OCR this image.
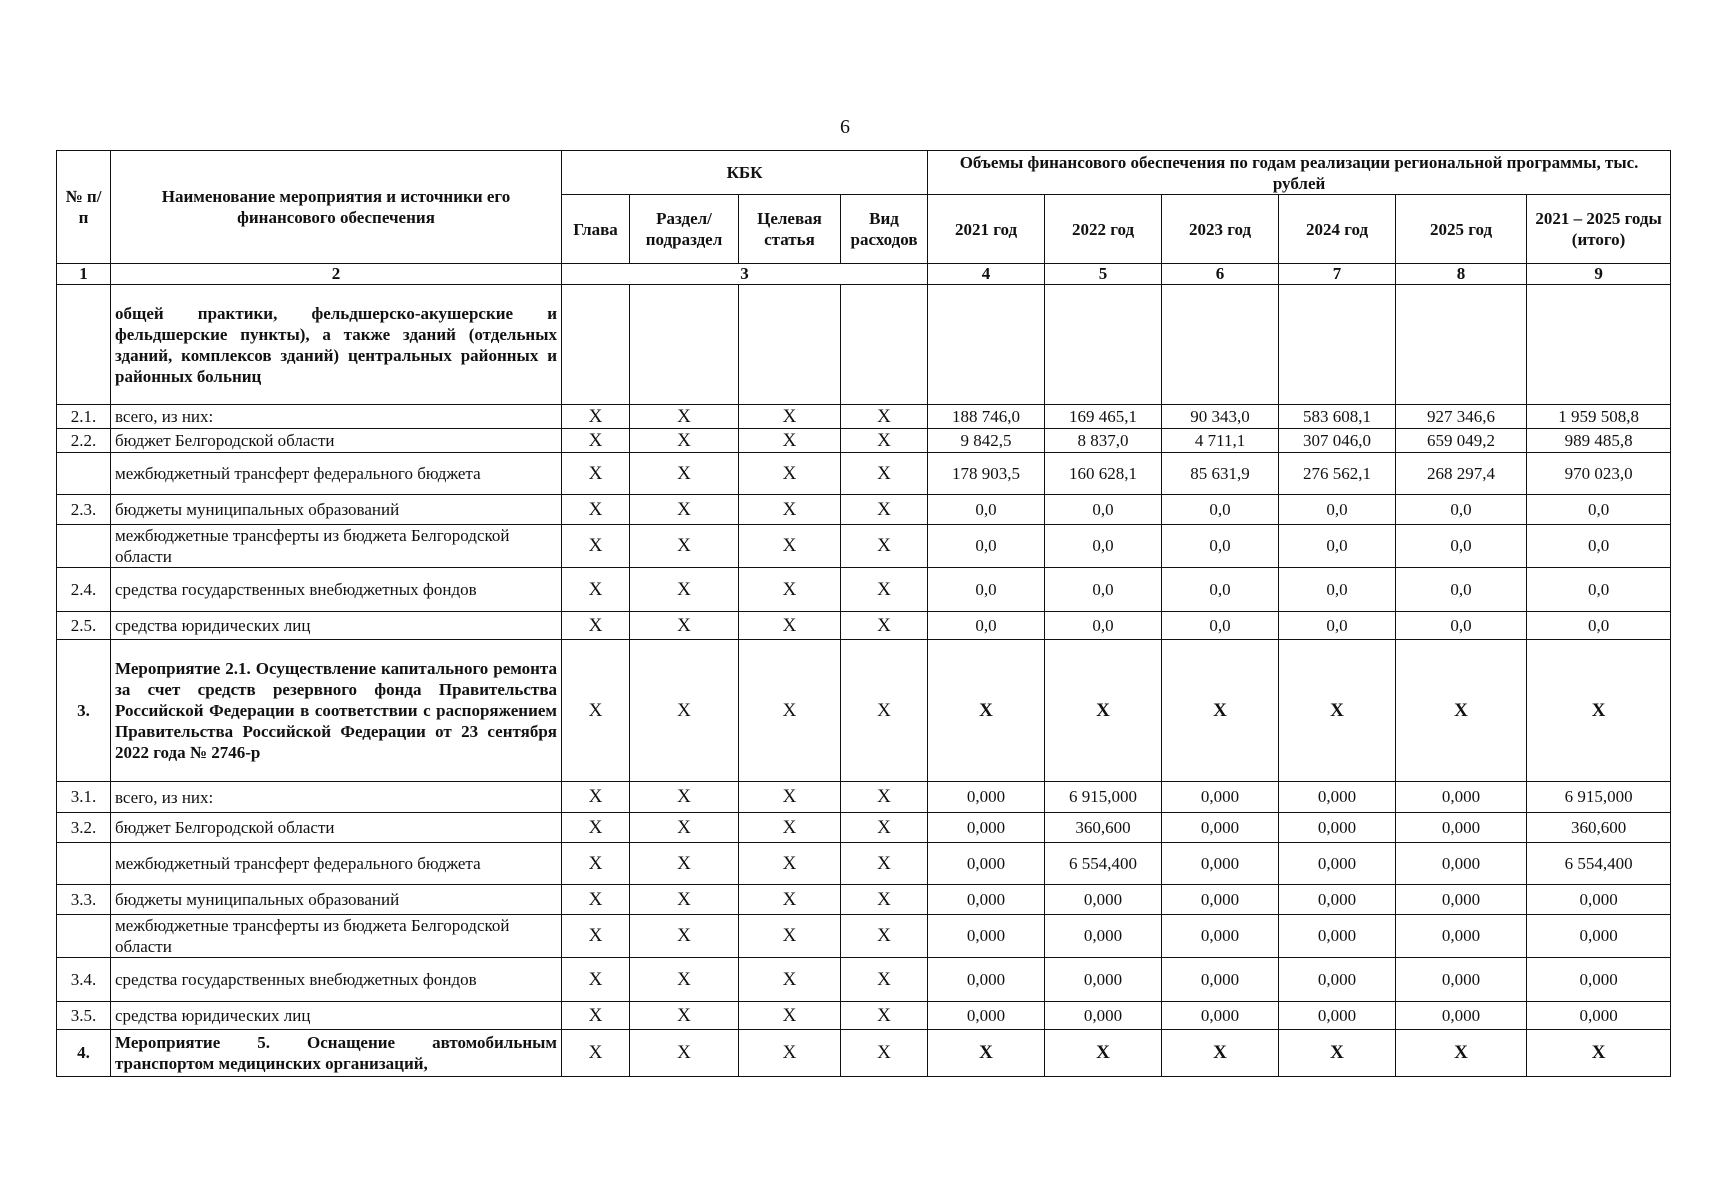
6
№ п/п	Наименование мероприятия и источники его финансового обеспечения	КБК				Объемы финансового обеспечения по годам реализации региональной программы, тыс. рублей					
		Глава	Раздел/ подраздел	Целевая статья	Вид расходов	2021 год	2022 год	2023 год	2024 год	2025 год	2021 – 2025 годы (итого)
1	2	3				4	5	6	7	8	9
	общей практики, фельдшерско-акушерские и фельдшерские пункты), а также зданий (отдельных зданий, комплексов зданий) центральных районных и районных больниц										
2.1.	всего, из них:	Х	Х	Х	Х	188 746,0	169 465,1	90 343,0	583 608,1	927 346,6	1 959 508,8
2.2.	бюджет Белгородской области	Х	Х	Х	Х	9 842,5	8 837,0	4 711,1	307 046,0	659 049,2	989 485,8
	межбюджетный трансферт федерального бюджета	Х	Х	Х	Х	178 903,5	160 628,1	85 631,9	276 562,1	268 297,4	970 023,0
2.3.	бюджеты муниципальных образований	Х	Х	Х	Х	0,0	0,0	0,0	0,0	0,0	0,0
	межбюджетные трансферты из бюджета Белгородской области	Х	Х	Х	Х	0,0	0,0	0,0	0,0	0,0	0,0
2.4.	средства государственных внебюджетных фондов	Х	Х	Х	Х	0,0	0,0	0,0	0,0	0,0	0,0
2.5.	средства юридических лиц	Х	Х	Х	Х	0,0	0,0	0,0	0,0	0,0	0,0
3.	Мероприятие 2.1. Осуществление капитального ремонта за счет средств резервного фонда Правительства Российской Федерации в соответствии с распоряжением Правительства Российской Федерации от 23 сентября 2022 года № 2746-р	Х	Х	Х	Х	Х	Х	Х	Х	Х	Х
3.1.	всего, из них:	Х	Х	Х	Х	0,000	6 915,000	0,000	0,000	0,000	6 915,000
3.2.	бюджет Белгородской области	Х	Х	Х	Х	0,000	360,600	0,000	0,000	0,000	360,600
	межбюджетный трансферт федерального бюджета	Х	Х	Х	Х	0,000	6 554,400	0,000	0,000	0,000	6 554,400
3.3.	бюджеты муниципальных образований	Х	Х	Х	Х	0,000	0,000	0,000	0,000	0,000	0,000
	межбюджетные трансферты из бюджета Белгородской области	Х	Х	Х	Х	0,000	0,000	0,000	0,000	0,000	0,000
3.4.	средства государственных внебюджетных фондов	Х	Х	Х	Х	0,000	0,000	0,000	0,000	0,000	0,000
3.5.	средства юридических лиц	Х	Х	Х	Х	0,000	0,000	0,000	0,000	0,000	0,000
4.	Мероприятие 5. Оснащение автомобильным транспортом медицинских организаций,	Х	Х	Х	Х	Х	Х	Х	Х	Х	Х
